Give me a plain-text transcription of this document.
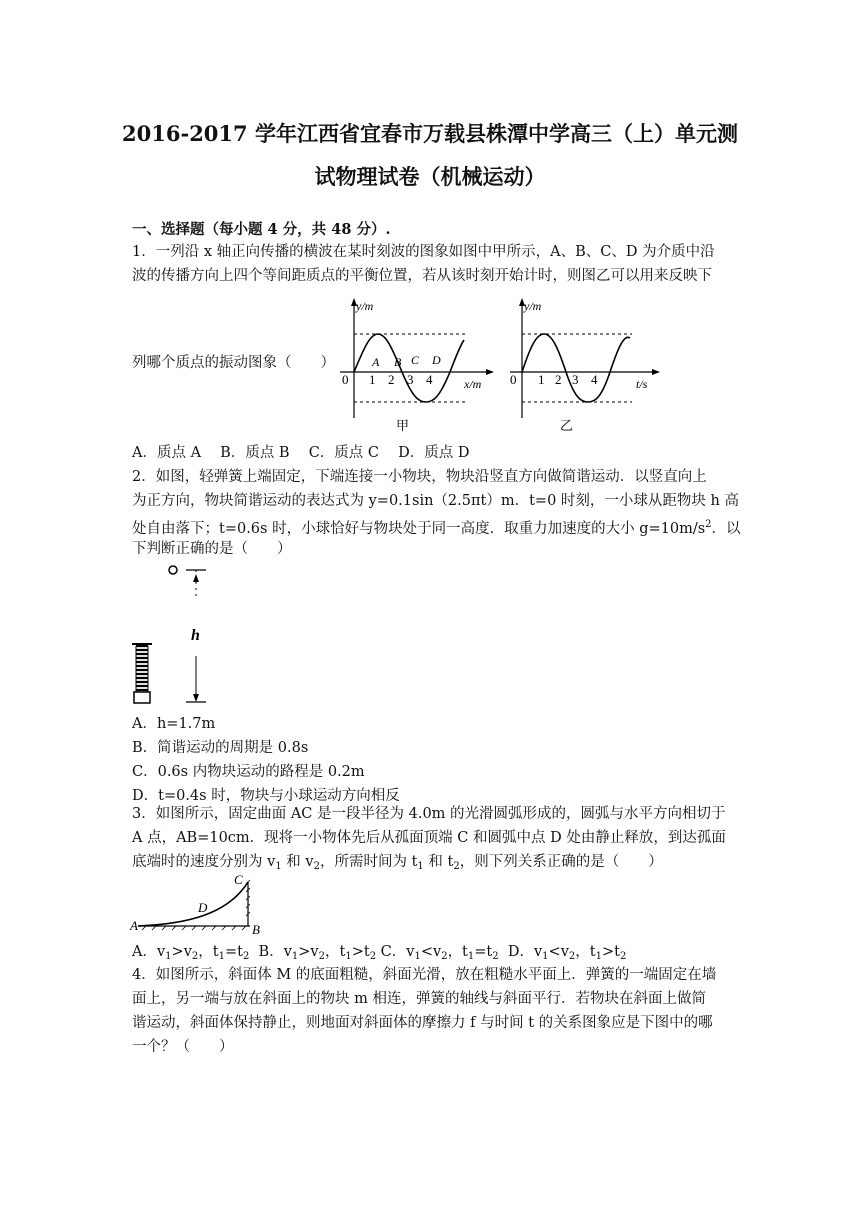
2016-2017 学年江西省宜春市万载县株潭中学高三（上）单元测
试物理试卷（机械运动）
一、选择题（每小题 4 分，共 48 分）.
1．一列沿 x 轴正向传播的横波在某时刻波的图象如图中甲所示，A、B、C、D 为介质中沿
波的传播方向上四个等间距质点的平衡位置，若从该时刻开始计时，则图乙可以用来反映下
列哪个质点的振动图象（　　）
y/m
x/m
0 1 2 3 4
A B C D
甲
y/m
t/s
0 1 2 3 4
乙
A．质点 A　 B．质点 B　 C．质点 C　 D．质点 D
2．如图，轻弹簧上端固定，下端连接一小物块，物块沿竖直方向做简谐运动．以竖直向上
为正方向，物块简谐运动的表达式为 y=0.1sin（2.5πt）m．t=0 时刻，一小球从距物块 h 高
处自由落下；t=0.6s 时，小球恰好与物块处于同一高度．取重力加速度的大小 $g=10m/s^2$．以
下判断正确的是（　　）
h
A．h=1.7m
B．简谐运动的周期是 0.8s
C．0.6s 内物块运动的路程是 0.2m
D．t=0.4s 时，物块与小球运动方向相反
3．如图所示，固定曲面 AC 是一段半径为 4.0m 的光滑圆弧形成的，圆弧与水平方向相切于
A 点，AB=10cm．现将一小物体先后从孤面顶端 C 和圆弧中点 D 处由静止释放，到达孤面
底端时的速度分别为 $v_1$ 和 $v_2$，所需时间为 $t_1$ 和 $t_2$，则下列关系正确的是（　　）
A	B
C
D
A．$v_1>v_2$，$t_1=t_2$ B．$v_1>v_2$，$t_1>t_2$ C．$v_1<v_2$，$t_1=t_2$ D．$v_1<v_2$，$t_1>t_2$
4．如图所示，斜面体 M 的底面粗糙，斜面光滑，放在粗糙水平面上．弹簧的一端固定在墙
面上，另一端与放在斜面上的物块 m 相连，弹簧的轴线与斜面平行．若物块在斜面上做简
谐运动，斜面体保持静止，则地面对斜面体的摩擦力 f 与时间 t 的关系图象应是下图中的哪
一个？（　　）
